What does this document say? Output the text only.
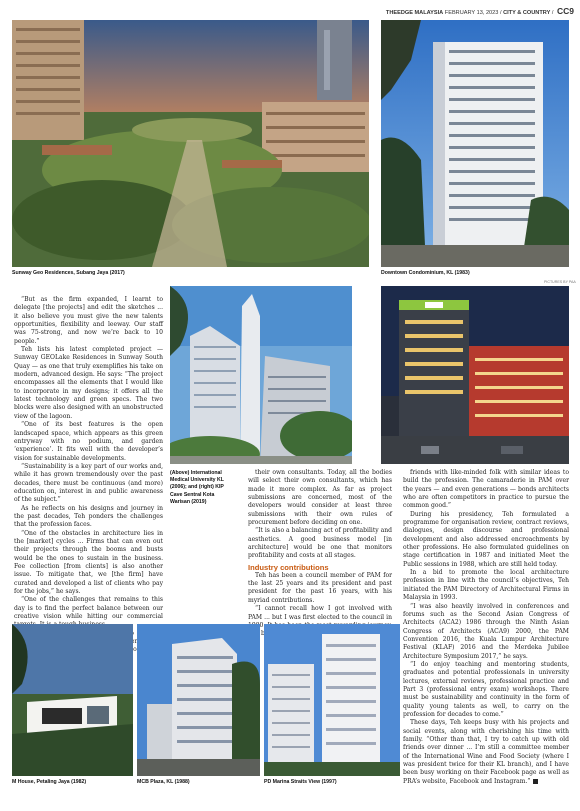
THEEDGE MALAYSIA FEBRUARY 13, 2023 / CITY & COUNTRY / CC9
Sunway Geo Residences, Subang Jaya (2017)	Downtown Condominium, KL (1983)
PICTURES BY PAA
(Above) International Medical University KL (2006); and (right) KIP Cave Sentral Kota Warisan (2019)

“But as the firm expanded, I learnt to delegate [the projects] and edit the sketches ... it also believe you must give the new talents opportunities, flexibility and leeway. Our staff was 75-strong, and now we’re back to 10 people.”

Teh lists his latest completed project — Sunway GEOLake Residences in Sunway South Quay — as one that truly exemplifies his take on modern, advanced design. He says: “The project encompasses all the elements that I would like to incorporate in my designs; it offers all the latest technology and green specs. The two blocks were also designed with an unobstructed view of the lagoon.

“One of its best features is the open landscaped space, which appears as this green entryway with no podium, and garden ‘experience’. It fits well with the developer’s vision for sustainable developments.

“Sustainability is a key part of our works and, while it has grown tremendously over the past decades, there must be continuous (and more) education on, interest in and public awareness of the subject.”

As he reflects on his designs and journey in the past decades, Teh ponders the challenges that the profession faces.

“One of the obstacles in architecture lies in the [market] cycles ... Firms that can even out their projects through the booms and busts would be the ones to sustain in the business. Fee collection [from clients] is also another issue. To mitigate that, we [the firm] have curated and developed a list of clients who pay for the jobs,” he says.

“One of the challenges that remains to this day is to find the perfect balance between our creative vision while hitting our commercial

choose

their own consultants. Today, all the bodies will select their own consultants, which has made it more complex. As far as project submissions are concerned, most of the developers would consider at least three submissions with their own rules of procurement before deciding on one.

“It is also a balancing act of profitability and aesthetics. A good business model [in architecture] would be one that monitors profitability and costs at all stages.

Industry contributions

Teh has been a council member of PAM for the last 25 years and its president and past president for the past 16 years, with his myriad contributions.

“I cannot recall how I got involved with PAM ... but I was first elected to the council in

friends with like-minded folk with similar ideas to build the profession. The camaraderie in PAM over the years — and even generations — bonds architects who are often competitors in practice to pursue the common good.”

During his presidency, Teh formulated a programme for organisation review, contract reviews, dialogues, design discourse and professional development and also addressed encroachments by other professions. He also formulated guidelines on stage certification in 1987 and initiated Meet the Public sessions in 1988, which are still held today.

In a bid to promote the local architecture profession in line with the council’s objectives, Teh initiated the PAM Directory of Architectural Firms in Malaysia in 1993.

“I was also heavily involved in conferences and forums such as the Second Asian Congress of Architects (ACA2) 1986 through the Ninth Asian Congress of Architects (ACA9) 2000, the PAM Convention 2016, the Kuala Lumpur Architecture Festival (KLAF) 2016 and the Merdeka Jubilee Architecture Symposium 2017,” he says.

“I do enjoy teaching and mentoring students, graduates and potential professionals in university lectures, external reviews, professional practice and Part 3 (professional entry exam) workshops. There must be sustainability and continuity in the form of quality young talents as well, to carry on the profession for decades to come.”

These days, Teh keeps busy with his projects and social events, along with cherishing his time with family. “Other than that, I try to catch up with old friends over dinner ... I’m still a committee member of the International Wine and Food Society (where I was president twice for their KL branch), and I have been busy working on their Facebook page as well as PRA’s website, Facebook and Instagram.”	E

M House, Petaling Jaya (1982)	MCB Plaza, KL (1988)	PD Marina Straits View (1997)
